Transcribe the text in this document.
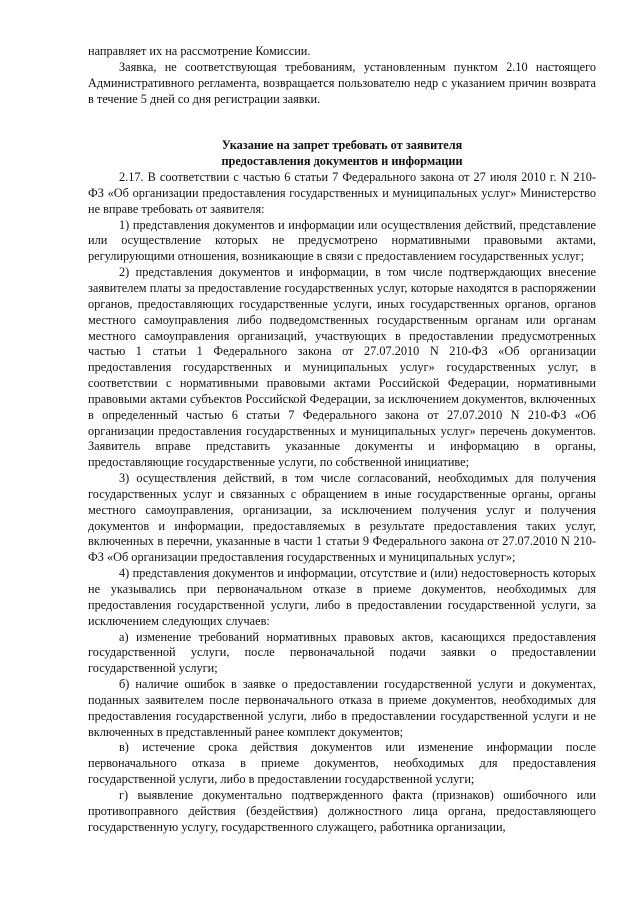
направляет их на рассмотрение Комиссии.

Заявка, не соответствующая требованиям, установленным пунктом 2.10 настоящего Административного регламента, возвращается пользователю недр с указанием причин возврата в течение 5 дней со дня регистрации заявки.

Указание на запрет требовать от заявителя
предоставления документов и информации

2.17. В соответствии с частью 6 статьи 7 Федерального закона от 27 июля 2010 г. N 210-ФЗ «Об организации предоставления государственных и муниципальных услуг» Министерство не вправе требовать от заявителя:

1) представления документов и информации или осуществления действий, представление или осуществление которых не предусмотрено нормативными правовыми актами, регулирующими отношения, возникающие в связи с предоставлением государственных услуг;

2) представления документов и информации, в том числе подтверждающих внесение заявителем платы за предоставление государственных услуг, которые находятся в распоряжении органов, предоставляющих государственные услуги, иных государственных органов, органов местного самоуправления либо подведомственных государственным органам или органам местного самоуправления организаций, участвующих в предоставлении предусмотренных частью 1 статьи 1 Федерального закона от 27.07.2010 N 210-ФЗ «Об организации предоставления государственных и муниципальных услуг» государственных услуг, в соответствии с нормативными правовыми актами Российской Федерации, нормативными правовыми актами субъектов Российской Федерации, за исключением документов, включенных в определенный частью 6 статьи 7 Федерального закона от 27.07.2010 N 210-ФЗ «Об организации предоставления государственных и муниципальных услуг» перечень документов. Заявитель вправе представить указанные документы и информацию в органы, предоставляющие государственные услуги, по собственной инициативе;

3) осуществления действий, в том числе согласований, необходимых для получения государственных услуг и связанных с обращением в иные государственные органы, органы местного самоуправления, организации, за исключением получения услуг и получения документов и информации, предоставляемых в результате предоставления таких услуг, включенных в перечни, указанные в части 1 статьи 9 Федерального закона от 27.07.2010 N 210-ФЗ «Об организации предоставления государственных и муниципальных услуг»;

4) представления документов и информации, отсутствие и (или) недостоверность которых не указывались при первоначальном отказе в приеме документов, необходимых для предоставления государственной услуги, либо в предоставлении государственной услуги, за исключением следующих случаев:

а) изменение требований нормативных правовых актов, касающихся предоставления государственной услуги, после первоначальной подачи заявки о предоставлении государственной услуги;

б) наличие ошибок в заявке о предоставлении государственной услуги и документах, поданных заявителем после первоначального отказа в приеме документов, необходимых для предоставления государственной услуги, либо в предоставлении государственной услуги и не включенных в представленный ранее комплект документов;

в) истечение срока действия документов или изменение информации после первоначального отказа в приеме документов, необходимых для предоставления государственной услуги, либо в предоставлении государственной услуги;

г) выявление документально подтвержденного факта (признаков) ошибочного или противоправного действия (бездействия) должностного лица органа, предоставляющего государственную услугу, государственного служащего, работника организации,
